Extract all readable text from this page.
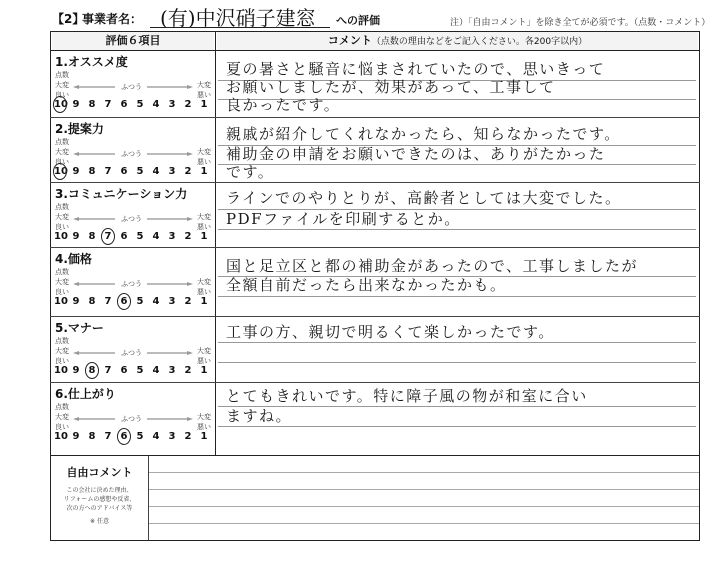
【2】
事業者名： (有)中沢硝子建窓 への評価	注）「自由コメント」を除き全てが必須です。（点数・コメント）
評価６項目	コメント（点数の理由などをご記入ください。各200字以内）
1.オススメ度
点数
大変
良い
大変
悪い
ふつう
10 9 8 7 6 5 4 3 2 1
2.提案力
点数
大変
良い
大変
悪い
ふつう
10 9 8 7 6 5 4 3 2 1
3.コミュニケーション力
点数
大変
良い
大変
悪い
ふつう
10 9 8 7 6 5 4 3 2 1
4.価格
点数
大変
良い
大変
悪い
ふつう
10 9 8 7 6 5 4 3 2 1
5.マナー
点数
大変
良い
大変
悪い
ふつう
10 9 8 7 6 5 4 3 2 1
6.仕上がり
点数
大変
良い
大変
悪い
ふつう
10 9 8 7 6 5 4 3 2 1
夏の暑さと騒音に悩まされていたので、思いきって
お願いしましたが、効果があって、工事して
良かったです。
親戚が紹介してくれなかったら、知らなかったです。
補助金の申請をお願いできたのは、ありがたかった
です。
ラインでのやりとりが、高齢者としては大変でした。
PDFファイルを印刷するとか。
国と足立区と都の補助金があったので、工事しましたが
全額自前だったら出来なかったかも。
工事の方、親切で明るくて楽しかったです。
とてもきれいです。特に障子風の物が和室に合い
ますね。
自由コメント
この会社に決めた理由、
リフォームの感想や反省、
次の方へのアドバイス等
※ 任意
